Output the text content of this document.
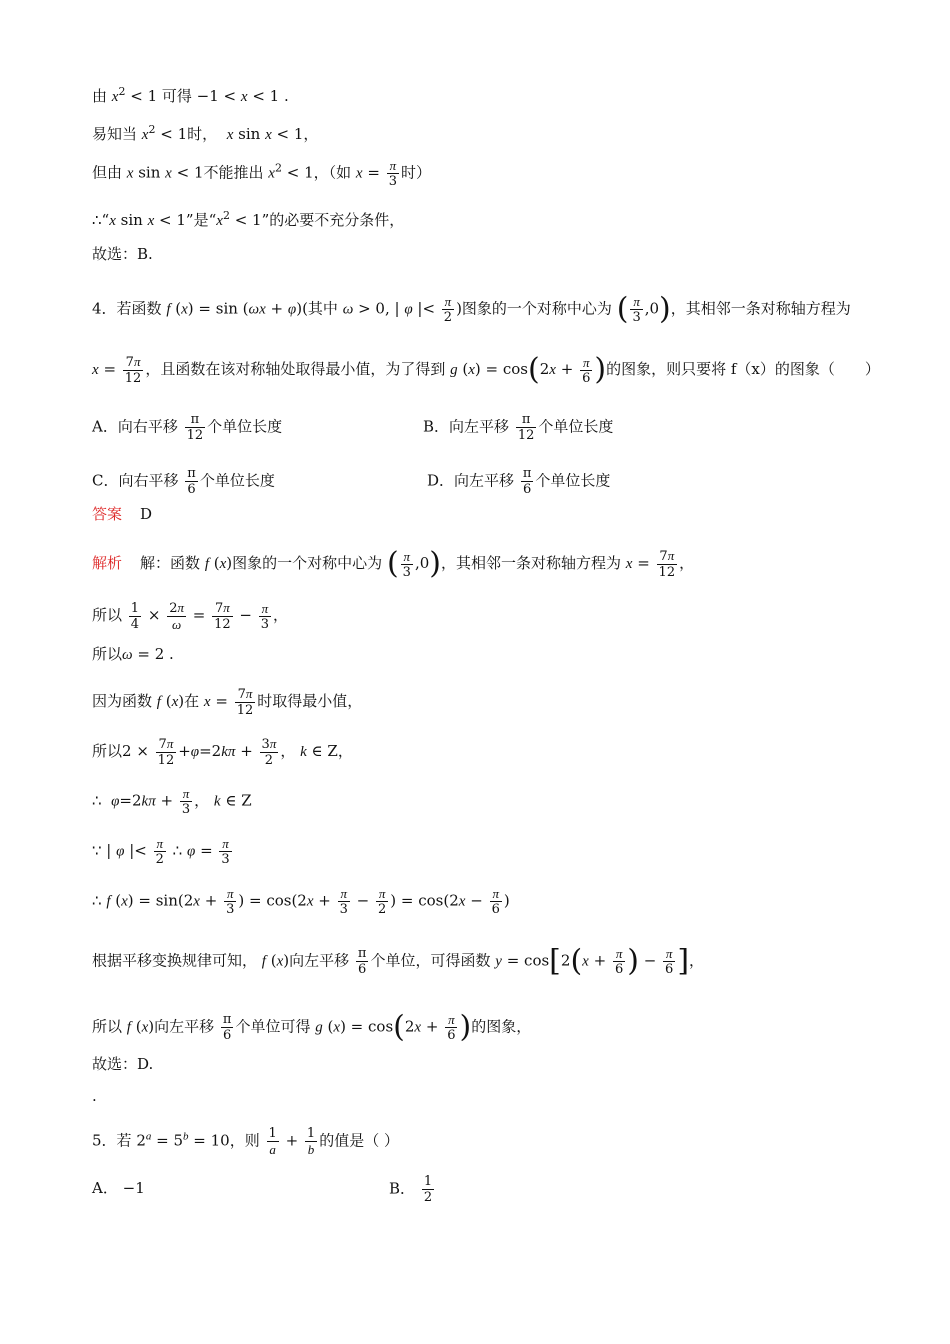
由 $x^2 < 1$ 可得 −1 < x < 1 .
易知当 $x^2 < 1$时， x sin x < 1，
但由 x sin x < 1不能推出 $x^2 < 1$，（如 $x = \frac{\pi}{3}$ 时）
∴“x sin x < 1”是“$x^2 < 1$”的必要不充分条件，
故选：B.
4．若函数 f (x) = sin (ωx + φ)(其中 ω > 0, | φ |< $\frac{\pi}{2}$ )图象的一个对称中心为 ( $\frac{\pi}{3} ,0$)，其相邻一条对称轴方程为
$x = \frac{7\pi}{12}$ ，且函数在该对称轴处取得最小值，为了得到 g $(x) = \cos(2x + \frac{\pi}{6}$ )的图象，则只要将 f（x）的图象（　　）
A．向右平移 $\frac{\pi}{12}$ 个单位长度	B．向左平移 $\frac{\pi}{12}$ 个单位长度
C．向右平移 $\frac{\pi}{6}$ 个单位长度	D．向左平移 $\frac{\pi}{6}$ 个单位长度
答案 D
解析 解：函数 f (x)图象的一个对称中心为 ( $\frac{\pi}{3} ,0$)，其相邻一条对称轴方程为 $x = \frac{7\pi}{12}$ ，
所以 $\frac{1}{4} \times \frac{2\pi}{\omega} = \frac{7\pi}{12} - \frac{\pi}{3}$ ，
所以ω = 2 .
因为函数 f (x)在 $x = \frac{7\pi}{12}$ 时取得最小值，
所以$2 \times \frac{7\pi}{12} +\varphi=2k\pi + \frac{3\pi}{2}$ ， k ∈ Z，
∴  $\varphi=2k\pi + \frac{\pi}{3}$ ， k ∈ Z
∵ | φ |< $\frac{\pi}{2}$ ∴ $\varphi = \frac{\pi}{3}$
∴ f $(x) = \sin(2x + \frac{\pi}{3}$ ) = $\cos(2x + \frac{\pi}{3} - \frac{\pi}{2}$ ) = $\cos(2x - \frac{\pi}{6}$ )
根据平移变换规律可知， f (x)向左平移 $\frac{\pi}{6}$ 个单位，可得函数 $y = \cos[2(x + \frac{\pi}{6}$ ) − $\frac{\pi}{6}$ ]，
所以 f (x)向左平移 $\frac{\pi}{6}$ 个单位可得 g $(x) = \cos(2x + \frac{\pi}{6}$ )的图象，
故选：D.
.
5．若 $2^a = 5^b = 10$，则 $\frac{1}{a} + \frac{1}{b}$ 的值是（ ）
A． −1	B． $\frac{1}{2}$
